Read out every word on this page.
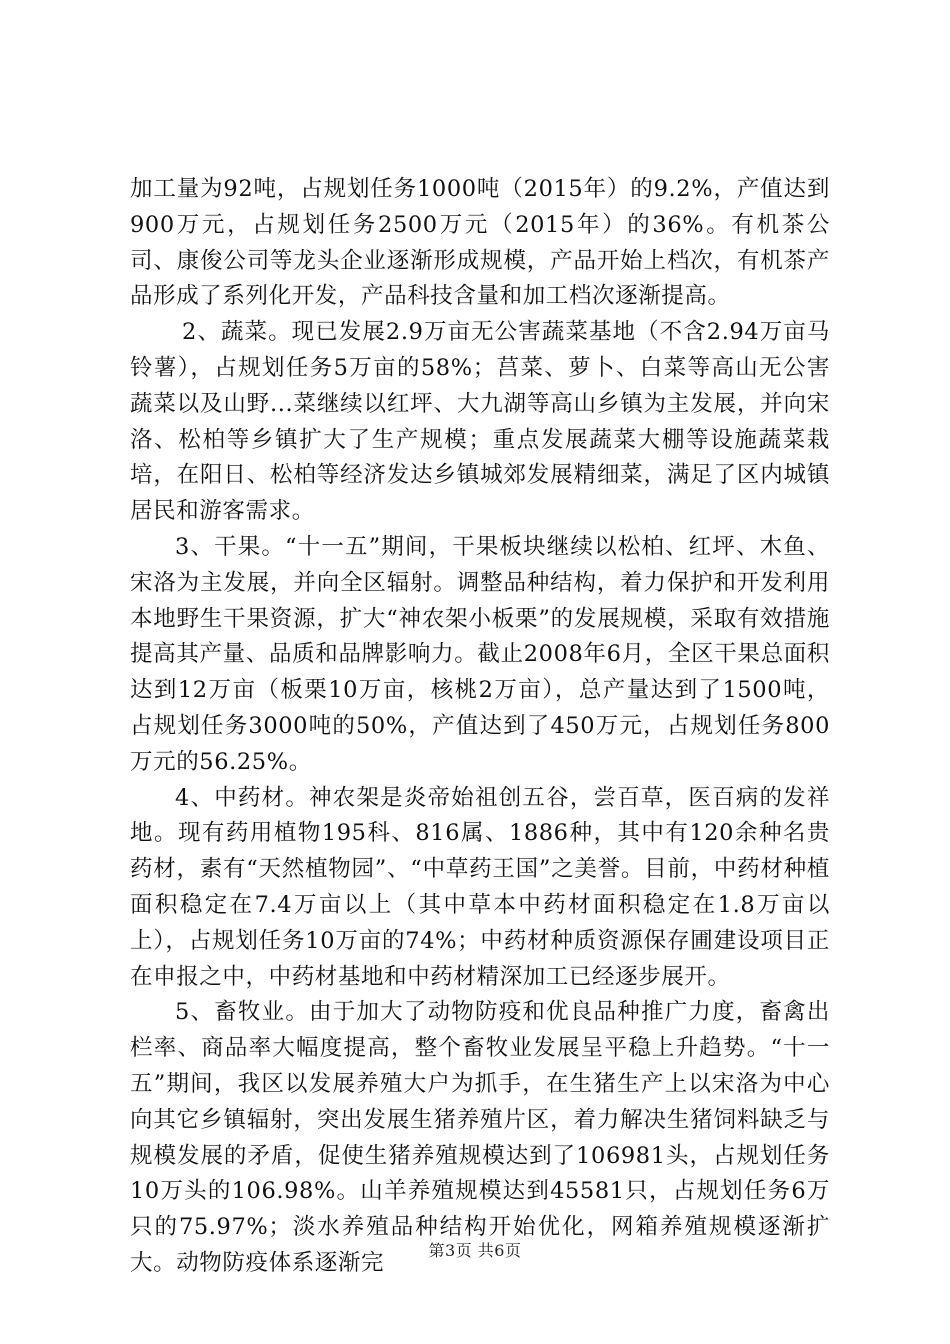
加工量为92吨，占规划任务1000吨（2015年）的9.2%，产值达到900万元，占规划任务2500万元（2015年）的36%。有机茶公司、康俊公司等龙头企业逐渐形成规模，产品开始上档次，有机茶产品形成了系列化开发，产品科技含量和加工档次逐渐提高。

2、蔬菜。现已发展2.9万亩无公害蔬菜基地（不含2.94万亩马铃薯），占规划任务5万亩的58%；莒菜、萝卜、白菜等高山无公害蔬菜以及山野...菜继续以红坪、大九湖等高山乡镇为主发展，并向宋洛、松柏等乡镇扩大了生产规模；重点发展蔬菜大棚等设施蔬菜栽培，在阳日、松柏等经济发达乡镇城郊发展精细菜，满足了区内城镇居民和游客需求。

3、干果。“十一五”期间，干果板块继续以松柏、红坪、木鱼、宋洛为主发展，并向全区辐射。调整品种结构，着力保护和开发利用本地野生干果资源，扩大“神农架小板栗”的发展规模，采取有效措施提高其产量、品质和品牌影响力。截止2008年6月，全区干果总面积达到12万亩（板栗10万亩，核桃2万亩），总产量达到了1500吨，占规划任务3000吨的50%，产值达到了450万元，占规划任务800万元的56.25%。

4、中药材。神农架是炎帝始祖创五谷，尝百草，医百病的发祥地。现有药用植物195科、816属、1886种，其中有120余种名贵药材，素有“天然植物园”、“中草药王国”之美誉。目前，中药材种植面积稳定在7.4万亩以上（其中草本中药材面积稳定在1.8万亩以上），占规划任务10万亩的74%；中药材种质资源保存圃建设项目正在申报之中，中药材基地和中药材精深加工已经逐步展开。

5、畜牧业。由于加大了动物防疫和优良品种推广力度，畜禽出栏率、商品率大幅度提高，整个畜牧业发展呈平稳上升趋势。“十一五”期间，我区以发展养殖大户为抓手，在生猪生产上以宋洛为中心向其它乡镇辐射，突出发展生猪养殖片区，着力解决生猪饲料缺乏与规模发展的矛盾，促使生猪养殖规模达到了106981头，占规划任务10万头的106.98%。山羊养殖规模达到45581只，占规划任务6万只的75.97%；淡水养殖品种结构开始优化，网箱养殖规模逐渐扩大。动物防疫体系逐渐完	第3页 共6页
